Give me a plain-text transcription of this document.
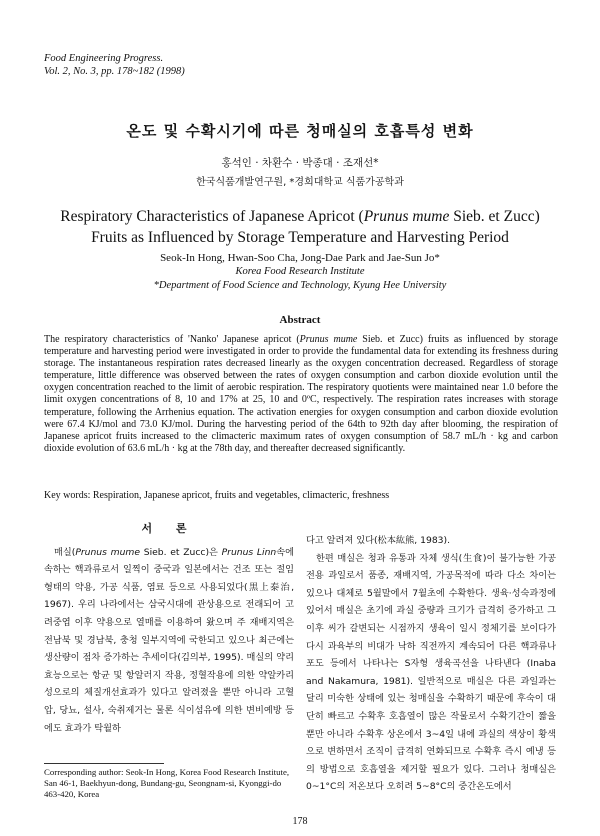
Food Engineering Progress.
Vol. 2, No. 3, pp. 178~182 (1998)
온도 및 수확시기에 따른 청매실의 호흡특성 변화
홍석인 · 차환수 · 박종대 · 조재선*
한국식품개발연구원, *경희대학교 식품가공학과
Respiratory Characteristics of Japanese Apricot (Prunus mume Sieb. et Zucc)
Fruits as Influenced by Storage Temperature and Harvesting Period
Seok-In Hong, Hwan-Soo Cha, Jong-Dae Park and Jae-Sun Jo*
Korea Food Research Institute
*Department of Food Science and Technology, Kyung Hee University
Abstract
The respiratory characteristics of 'Nanko' Japanese apricot (Prunus mume Sieb. et Zucc) fruits as influenced by storage temperature and harvesting period were investigated in order to provide the fundamental data for extending its freshness during storage. The instantaneous respiration rates decreased linearly as the oxygen concentration decreased. Regardless of storage temperature, little difference was observed between the rates of oxygen consumption and carbon dioxide evolution until the oxygen concentration reached to the limit of aerobic respiration. The respiratory quotients were maintained near 1.0 before the limit oxygen concentrations of 8, 10 and 17% at 25, 10 and 0ºC, respectively. The respiration rates increases with storage temperature, following the Arrhenius equation. The activation energies for oxygen consumption and carbon dioxide evolution were 67.4 KJ/mol and 73.0 KJ/mol. During the harvesting period of the 64th to 92th day after blooming, the respiration of Japanese apricot fruits increased to the climacteric maximum rates of oxygen consumption of 58.7 mL/h · kg and carbon dioxide evolution of 63.6 mL/h · kg at the 78th day, and thereafter decreased significantly.
Key words: Respiration, Japanese apricot, fruits and vegetables, climacteric, freshness
서 론

매실(Prunus mume Sieb. et Zucc)은 Prunus Linn속에 속하는 핵과류로서 일찍이 중국과 일본에서는 건조 또는 절임 형태의 약용, 가공 식품, 염료 등으로 사용되었다(黒上泰治, 1967). 우리 나라에서는 삼국시대에 관상용으로 전래되어 고려중엽 이후 약용으로 열매를 이용하여 왔으며 주 재배지역은 전남북 및 경남북, 충청 일부지역에 국한되고 있으나 최근에는 생산량이 점차 증가하는 추세이다(김의부, 1995). 매실의 약리효능으로는 항균 및 항알러지 작용, 정혈작용에 의한 약알카리성으로의 체질개선효과가 있다고 알려졌을 뿐만 아니라 고혈압, 당뇨, 설사, 숙취제거는 물론 식이섬유에 의한 변비예방 등에도 효과가 탁월하

다고 알려져 있다(松本紘熊, 1983).

한편 매실은 청과 유통과 자체 생식(生食)이 불가능한 가공전용 과일로서 품종, 재배지역, 가공목적에 따라 다소 차이는 있으나 대체로 5월말에서 7월초에 수확한다. 생육·성숙과정에 있어서 매실은 초기에 과실 중량과 크기가 급격히 증가하고 그 이후 씨가 갈변되는 시점까지 생육이 일시 정체기를 보이다가 다시 과육부의 비대가 낙하 직전까지 계속되어 다른 핵과류나 포도 등에서 나타나는 S자형 생육곡선을 나타낸다 (Inaba and Nakamura, 1981). 일반적으로 매실은 다른 과일과는 달리 미숙한 상태에 있는 청매실을 수확하기 때문에 후숙이 대단히 빠르고 수확후 호흡열이 많은 작물로서 수확기간이 짧을 뿐만 아니라 수확후 상온에서 3~4일 내에 과실의 색상이 황색으로 변하면서 조직이 급격히 연화되므로 수확후 즉시 예냉 등의 방법으로 호흡열을 제거할 필요가 있다. 그러나 청매실은 0~1°C의 저온보다 오히려 5~8°C의 중간온도에서

Corresponding author: Seok-In Hong, Korea Food Research Institute, San 46-1, Baekhyun-dong, Bundang-gu, Seongnam-si, Kyonggi-do 463-420, Korea
178
